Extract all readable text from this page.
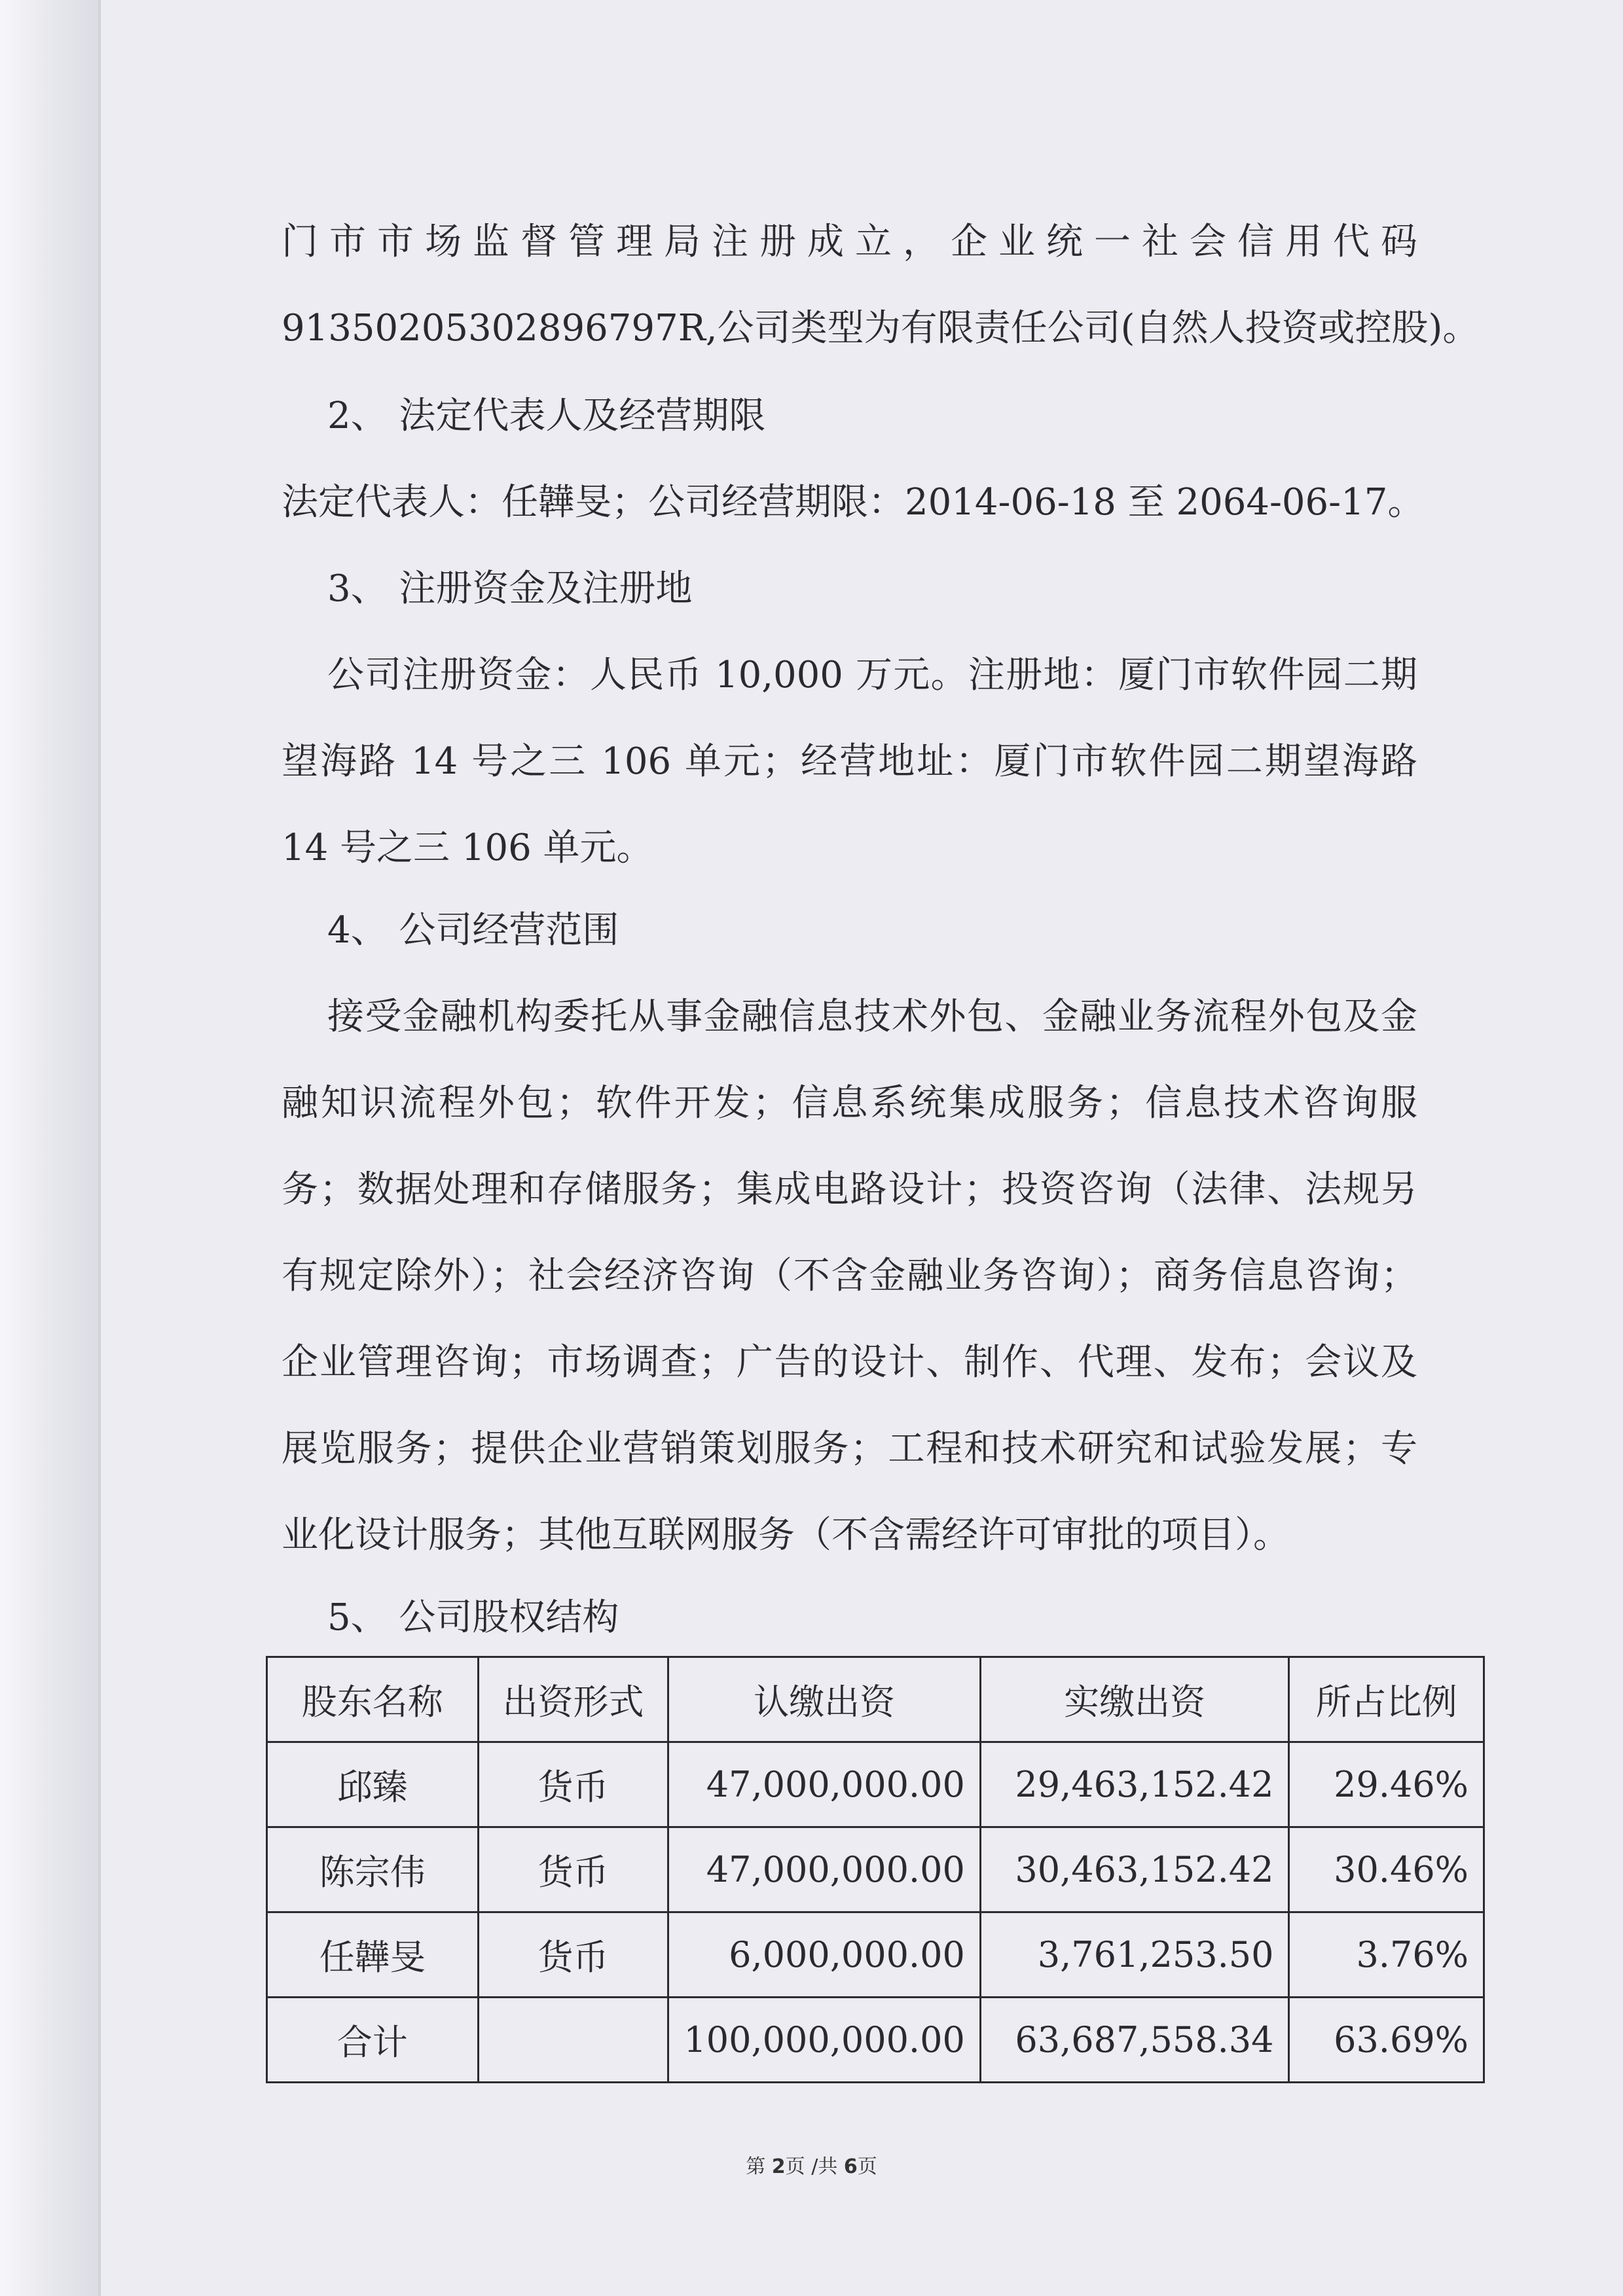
门市市场监督管理局注册成立，企业统一社会信用代码

91350205302896797R,公司类型为有限责任公司(自然人投资或控股)。

2、 法定代表人及经营期限

法定代表人：任韡旻；公司经营期限：2014-06-18 至 2064-06-17。

3、 注册资金及注册地

公司注册资金：人民币 10,000 万元。注册地：厦门市软件园二期望海路 14 号之三 106 单元；经营地址：厦门市软件园二期望海路 14 号之三 106 单元。

4、 公司经营范围

接受金融机构委托从事金融信息技术外包、金融业务流程外包及金融知识流程外包；软件开发；信息系统集成服务；信息技术咨询服务；数据处理和存储服务；集成电路设计；投资咨询（法律、法规另有规定除外）；社会经济咨询（不含金融业务咨询）；商务信息咨询；企业管理咨询；市场调查；广告的设计、制作、代理、发布；会议及展览服务；提供企业营销策划服务；工程和技术研究和试验发展；专业化设计服务；其他互联网服务（不含需经许可审批的项目）。

5、 公司股权结构

股东名称	出资形式	认缴出资	实缴出资	所占比例
邱臻	货币	47,000,000.00	29,463,152.42	29.46%
陈宗伟	货币	47,000,000.00	30,463,152.42	30.46%
任韡旻	货币	6,000,000.00	3,761,253.50	3.76%
合计		100,000,000.00	63,687,558.34	63.69%
第 2页 /共 6页
